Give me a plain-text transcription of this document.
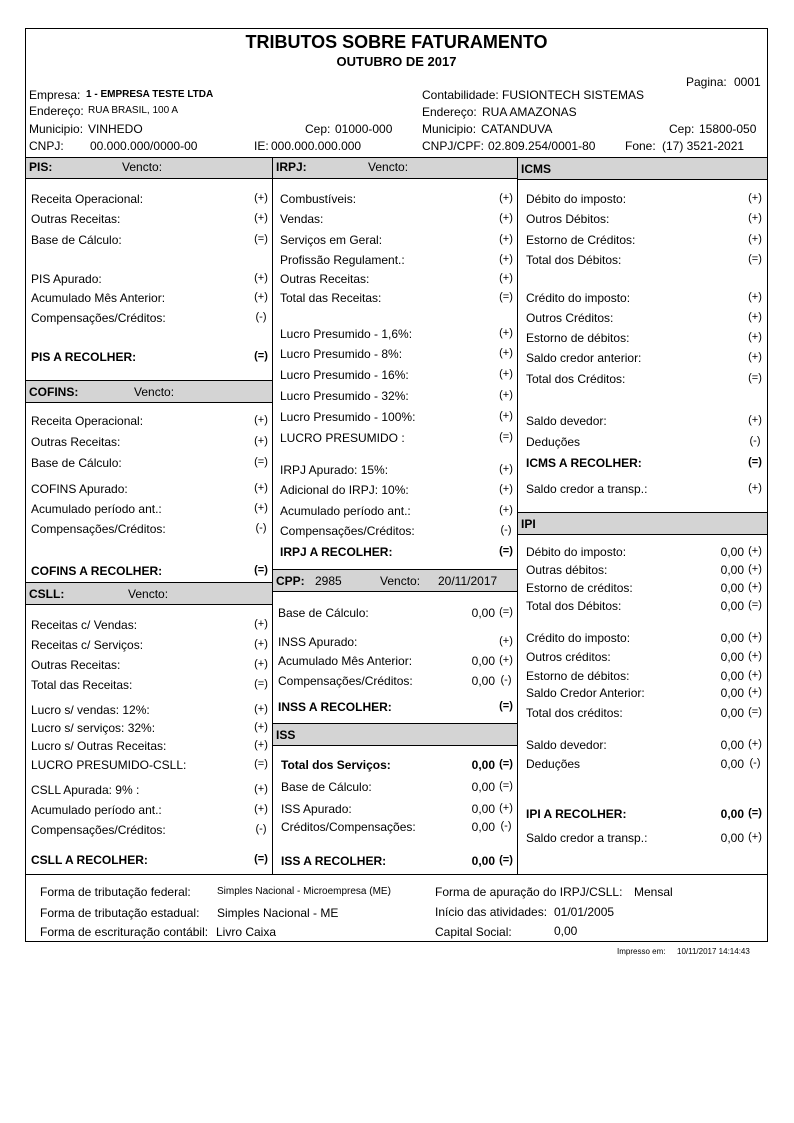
TRIBUTOS SOBRE FATURAMENTO
OUTUBRO DE 2017
Pagina: 0001
Empresa: 1 - EMPRESA TESTE LTDA
Endereço: RUA BRASIL, 100 A
Municipio: VINHEDO	Cep: 01000-000
CNPJ: 00.000.000/0000-00	IE: 000.000.000.000
Contabilidade: FUSIONTECH SISTEMAS
Endereço: RUA AMAZONAS
Municipio: CATANDUVA	Cep: 15800-050
CNPJ/CPF: 02.809.254/0001-80 Fone: (17) 3521-2021
PIS:	Vencto:	IRPJ:	Vencto:	ICMS
COFINS:	Vencto:
CSLL:	Vencto:
IPI
CPP: 2985	Vencto: 20/11/2017
ISS
Receita Operacional:	(+)
Outras Receitas:	(+)
Base de Cálculo:	(=)
PIS Apurado:	(+)
Acumulado Mês Anterior:	(+)
Compensações/Créditos:	(-)
PIS A RECOLHER:	(=)
Receita Operacional:	(+)
Outras Receitas:	(+)
Base de Cálculo:	(=)
COFINS Apurado:	(+)
Acumulado período ant.:	(+)
Compensações/Créditos:	(-)
COFINS A RECOLHER:	(=)
Receitas c/ Vendas:	(+)
Receitas c/ Serviços:	(+)
Outras Receitas:	(+)
Total das Receitas:	(=)
Lucro s/ vendas: 12%:	(+)
Lucro s/ serviços: 32%:	(+)
Lucro s/ Outras Receitas:	(+)
LUCRO PRESUMIDO-CSLL:	(=)
CSLL Apurada: 9% :	(+)
Acumulado período ant.:	(+)
Compensações/Créditos:	(-)
CSLL A RECOLHER:	(=)
Combustíveis:	(+)
Vendas:	(+)
Serviços em Geral:	(+)
Profissão Regulament.:	(+)
Outras Receitas:	(+)
Total das Receitas:	(=)
Lucro Presumido - 1,6%:	(+)
Lucro Presumido - 8%:	(+)
Lucro Presumido - 16%:	(+)
Lucro Presumido - 32%:	(+)
Lucro Presumido - 100%:	(+)
LUCRO PRESUMIDO :	(=)
IRPJ Apurado: 15%:	(+)
Adicional do IRPJ: 10%:	(+)
Acumulado período ant.:	(+)
Compensações/Créditos:	(-)
IRPJ A RECOLHER:	(=)
Base de Cálculo:	0,00 (=)
INSS Apurado:	(+)
Acumulado Mês Anterior:	0,00 (+)
Compensações/Créditos:	0,00 (-)
INSS A RECOLHER:	(=)
Total dos Serviços:	0,00 (=)
Base de Cálculo:	0,00 (=)
ISS Apurado:	0,00 (+)
Créditos/Compensações:	0,00 (-)
ISS A RECOLHER:	0,00 (=)
Débito do imposto:	(+)
Outros Débitos:	(+)
Estorno de Créditos:	(+)
Total dos Débitos:	(=)
Crédito do imposto:	(+)
Outros Créditos:	(+)
Estorno de débitos:	(+)
Saldo credor anterior:	(+)
Total dos Créditos:	(=)
Saldo devedor:	(+)
Deduções	(-)
ICMS A RECOLHER:	(=)
Saldo credor a transp.:	(+)
Débito do imposto:	0,00 (+)
Outras débitos:	0,00 (+)
Estorno de créditos:	0,00 (+)
Total dos Débitos:	0,00 (=)
Crédito do imposto:	0,00 (+)
Outros créditos:	0,00 (+)
Estorno de débitos:	0,00 (+)
Saldo Credor Anterior:	0,00 (+)
Total dos créditos:	0,00 (=)
Saldo devedor:	0,00 (+)
Deduções	0,00 (-)
IPI A RECOLHER:	0,00 (=)
Saldo credor a transp.:	0,00 (+)
Forma de tributação federal:	Simples Nacional - Microempresa (ME)
Forma de tributação estadual: Simples Nacional - ME
Forma de escrituração contábil: Livro Caixa
Forma de apuração do IRPJ/CSLL: Mensal
Início das atividades: 01/01/2005
Capital Social:	0,00
Impresso em: 10/11/2017 14:14:43
